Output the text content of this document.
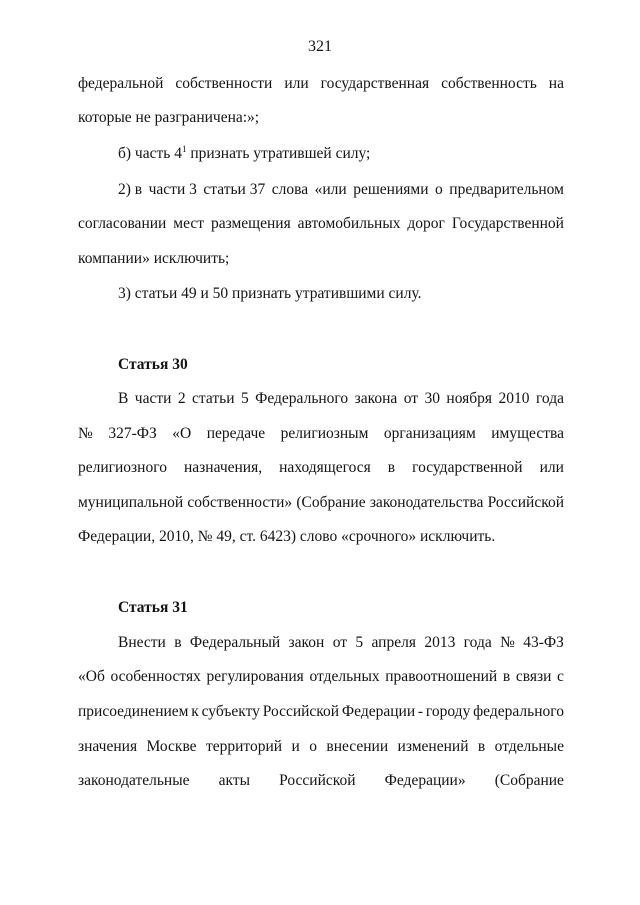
321
федеральной собственности или государственная собственность на
которые не разграничена:»;
б) часть $4^1$ признать утратившей силу;
2) в части 3 статьи 37 слова «или решениями о предварительном
согласовании мест размещения автомобильных дорог Государственной
компании» исключить;
3) статьи 49 и 50 признать утратившими силу.
Статья 30
В части 2 статьи 5 Федерального закона от 30 ноября 2010 года
№ 327-ФЗ «О передаче религиозным организациям имущества
религиозного назначения, находящегося в государственной или
муниципальной собственности» (Собрание законодательства Российской
Федерации, 2010, № 49, ст. 6423) слово «срочного» исключить.
Статья 31
Внести в Федеральный закон от 5 апреля 2013 года № 43-ФЗ
«Об особенностях регулирования отдельных правоотношений в связи с
присоединением к субъекту Российской Федерации - городу федерального
значения Москве территорий и о внесении изменений в отдельные
законодательные акты Российской Федерации» (Собрание
